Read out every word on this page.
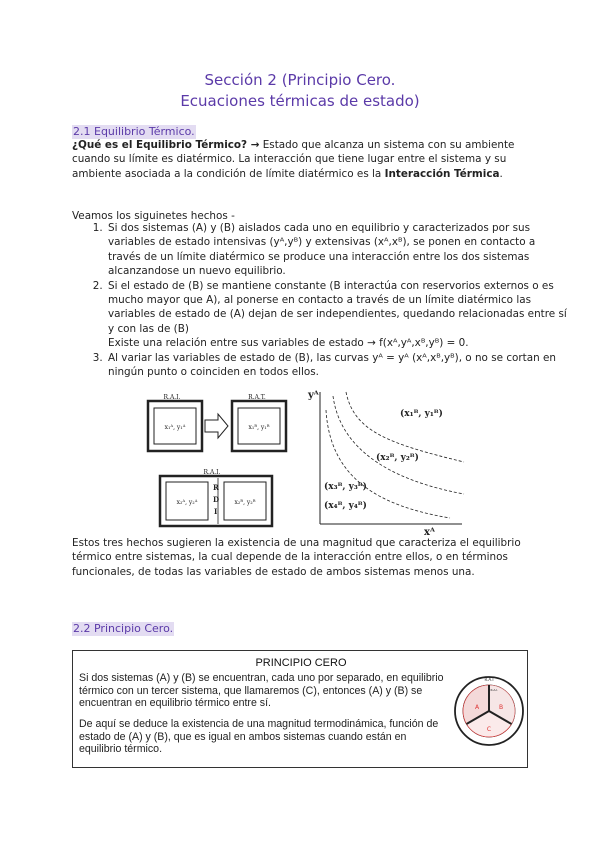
Sección 2 (Principio Cero.
Ecuaciones térmicas de estado)
2.1 Equilibrio Térmico.

¿Qué es el Equilibrio Térmico? → Estado que alcanza un sistema con su ambiente cuando su límite es diatérmico. La interacción que tiene lugar entre el sistema y su ambiente asociada a la condición de límite diatérmico es la Interacción Térmica.

Veamos los siguinetes hechos -

1. Si dos sistemas (A) y (B) aislados cada uno en equilibrio y caracterizados por sus variables de estado intensivas (yᴬ,yᴮ) y extensivas (xᴬ,xᴮ), se ponen en contacto a través de un límite diatérmico se produce una interacción entre los dos sistemas alcanzandose un nuevo equilibrio.
2. Si el estado de (B) se mantiene constante (B interactúa con reservorios externos o es mucho mayor que A), al ponerse en contacto a través de un límite diatérmico las variables de estado de (A) dejan de ser independientes, quedando relacionadas entre sí y con las de (B)
Existe una relación entre sus variables de estado → f(xᴬ,yᴬ,xᴮ,yᴮ) = 0.
3. Al variar las variables de estado de (B), las curvas yᴬ = yᴬ (xᴬ,xᴮ,yᴮ), o no se cortan en ningún punto o coinciden en todos ellos.
R.A.I.
x₁ᴬ, y₁ᴬ
R.A.T.
x₁ᴮ, y₁ᴮ
R.A.I.
x₂ᴬ, y₂ᴬ
R
D
I
x₂ᴮ, y₂ᴮ
yᴬ
xᴬ
(x₁ᴮ, y₁ᴮ)
(x₂ᴮ, y₂ᴮ)
(x₃ᴮ, y₃ᴮ)
(x₄ᴮ, y₄ᴮ)

Estos tres hechos sugieren la existencia de una magnitud que caracteriza el equilibrio térmico entre sistemas, la cual depende de la interacción entre ellos, o en términos funcionales, de todas las variables de estado de ambos sistemas menos una.

2.2 Principio Cero.
PRINCIPIO CERO

Si dos sistemas (A) y (B) se encuentran, cada uno por separado, en equilibrio térmico con un tercer sistema, que llamaremos (C), entonces (A) y (B) se encuentran en equilibrio térmico entre sí.

De aquí se deduce la existencia de una magnitud termodinámica, función de estado de (A) y (B), que es igual en ambos sistemas cuando están en equilibrio térmico.

R.A.I
R.A.I.
A	B
C
